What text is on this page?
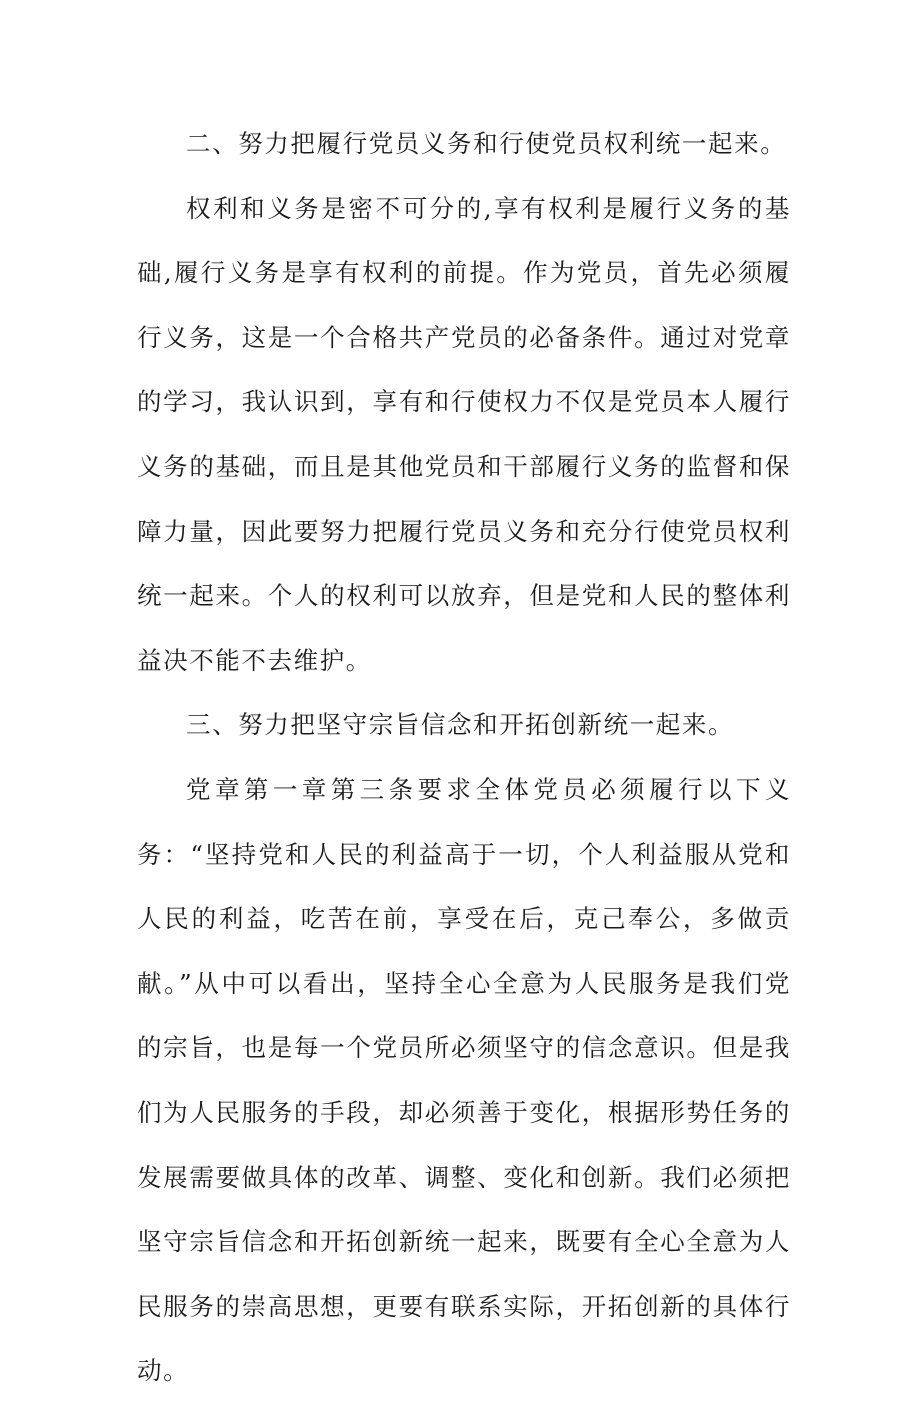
二、努力把履行党员义务和行使党员权利统一起来。

权利和义务是密不可分的,享有权利是履行义务的基础,履行义务是享有权利的前提。作为党员，首先必须履行义务，这是一个合格共产党员的必备条件。通过对党章的学习，我认识到，享有和行使权力不仅是党员本人履行义务的基础，而且是其他党员和干部履行义务的监督和保障力量，因此要努力把履行党员义务和充分行使党员权利统一起来。个人的权利可以放弃，但是党和人民的整体利益决不能不去维护。

三、努力把坚守宗旨信念和开拓创新统一起来。

党章第一章第三条要求全体党员必须履行以下义务：“坚持党和人民的利益高于一切，个人利益服从党和人民的利益，吃苦在前，享受在后，克己奉公，多做贡献。”从中可以看出，坚持全心全意为人民服务是我们党的宗旨，也是每一个党员所必须坚守的信念意识。但是我们为人民服务的手段，却必须善于变化，根据形势任务的发展需要做具体的改革、调整、变化和创新。我们必须把坚守宗旨信念和开拓创新统一起来，既要有全心全意为人民服务的崇高思想，更要有联系实际，开拓创新的具体行动。
